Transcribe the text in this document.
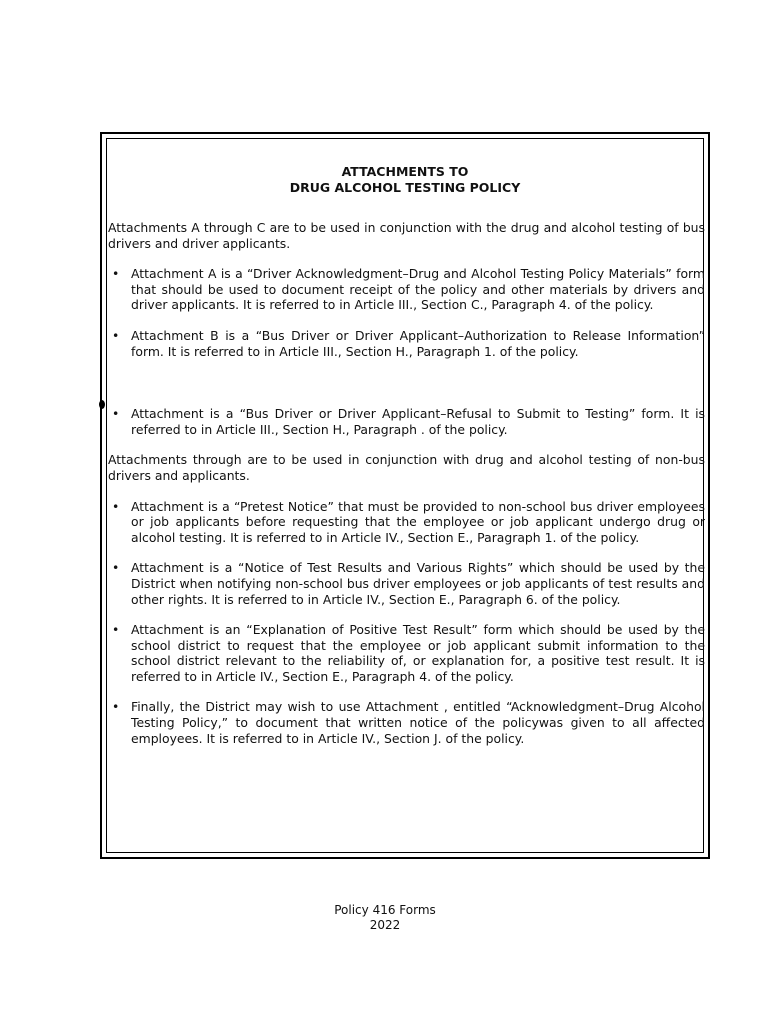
ATTACHMENTS TO
DRUG ALCOHOL TESTING POLICY

Attachments A through C are to be used in conjunction with the drug and alcohol testing of bus drivers and driver applicants.

• Attachment A is a “Driver Acknowledgment–Drug and Alcohol Testing Policy Materials” form that should be used to document receipt of the policy and other materials by drivers and driver applicants. It is referred to in Article III., Section C., Paragraph 4. of the policy.
• Attachment B is a “Bus Driver or Driver Applicant–Authorization to Release Information” form. It is referred to in Article III., Section H., Paragraph 1. of the policy.
• Attachment is a “Bus Driver or Driver Applicant–Refusal to Submit to Testing” form. It is referred to in Article III., Section H., Paragraph . of the policy.

Attachments through are to be used in conjunction with drug and alcohol testing of non-bus drivers and applicants.

• Attachment is a “Pretest Notice” that must be provided to non-school bus driver employees or job applicants before requesting that the employee or job applicant undergo drug or alcohol testing. It is referred to in Article IV., Section E., Paragraph 1. of the policy.
• Attachment is a “Notice of Test Results and Various Rights” which should be used by the District when notifying non-school bus driver employees or job applicants of test results and other rights. It is referred to in Article IV., Section E., Paragraph 6. of the policy.
• Attachment is an “Explanation of Positive Test Result” form which should be used by the school district to request that the employee or job applicant submit information to the school district relevant to the reliability of, or explanation for, a positive test result. It is referred to in Article IV., Section E., Paragraph 4. of the policy.
• Finally, the District may wish to use Attachment , entitled “Acknowledgment–Drug Alcohol Testing Policy,” to document that written notice of the policywas given to all affected employees. It is referred to in Article IV., Section J. of the policy.
Policy 416 Forms
2022
